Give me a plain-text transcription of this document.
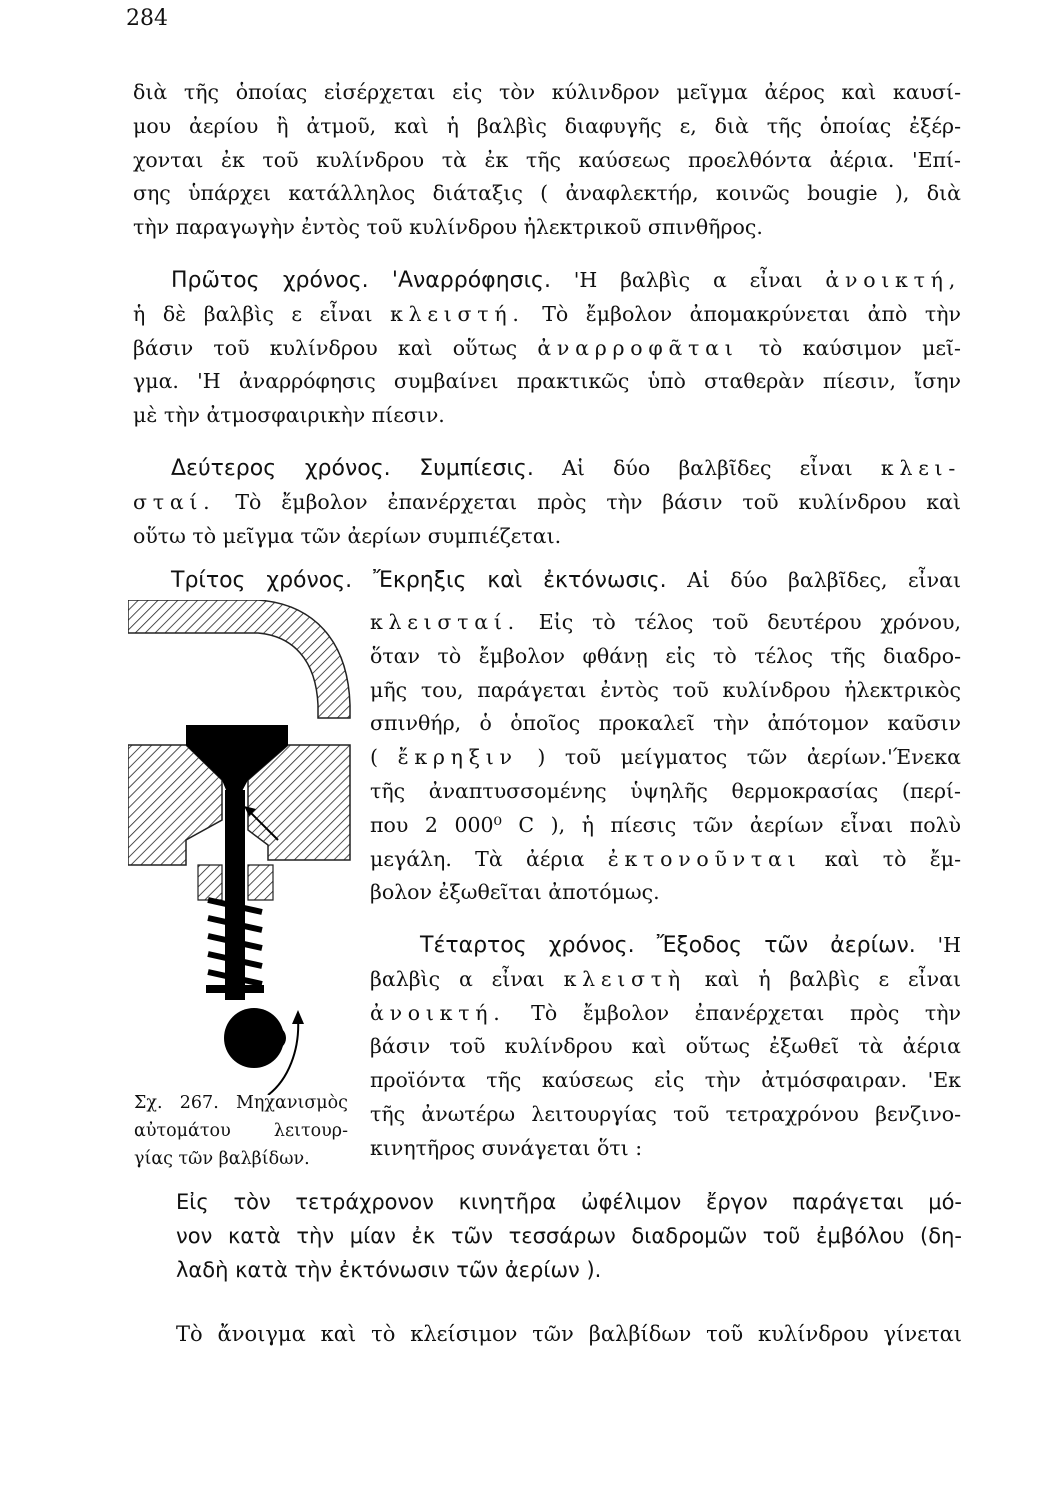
284
διὰ τῆς ὁποίας εἰσέρχεται εἰς τὸν κύλινδρον μεῖγμα ἀέρος καὶ καυσί-
μου ἀερίου ἢ ἀτμοῦ, καὶ ἡ βαλβὶς διαφυγῆς ε, διὰ τῆς ὁποίας ἐξέρ-
χονται ἐκ τοῦ κυλίνδρου τὰ ἐκ τῆς καύσεως προελθόντα ἀέρια. 'Επί-
σης ὑπάρχει κατάλληλος διάταξις ( ἀναφλεκτήρ, κοινῶς bougie ), διὰ
τὴν παραγωγὴν ἐντὸς τοῦ κυλίνδρου ἠλεκτρικοῦ σπινθῆρος.
Πρῶτος χρόνος. 'Αναρρόφησις. 'Η βαλβὶς α εἶναι ἀνοικτή,
ἡ δὲ βαλβὶς ε εἶναι κλειστή. Τὸ ἔμβολον ἀπομακρύνεται ἀπὸ τὴν
βάσιν τοῦ κυλίνδρου καὶ οὕτως ἀναρροφᾶται τὸ καύσιμον μεῖ-
γμα. 'Η ἀναρρόφησις συμβαίνει πρακτικῶς ὑπὸ σταθερὰν πίεσιν, ἴσην
μὲ τὴν ἀτμοσφαιρικὴν πίεσιν.
Δεύτερος χρόνος. Συμπίεσις. Αἱ δύο βαλβῖδες εἶναι κλει-
σταί. Τὸ ἔμβολον ἐπανέρχεται πρὸς τὴν βάσιν τοῦ κυλίνδρου καὶ
οὕτω τὸ μεῖγμα τῶν ἀερίων συμπιέζεται.
Τρίτος χρόνος. Ἔκρηξις καὶ ἐκτόνωσις. Αἱ δύο βαλβῖδες, εἶναι
κλεισταί. Εἰς τὸ τέλος τοῦ δευτέρου χρόνου,
ὅταν τὸ ἔμβολον φθάνῃ εἰς τὸ τέλος τῆς διαδρο-
μῆς του, παράγεται ἐντὸς τοῦ κυλίνδρου ἠλεκτρικὸς
σπινθήρ, ὁ ὁποῖος προκαλεῖ τὴν ἀπότομον καῦσιν
( ἔκρηξιν ) τοῦ μείγματος τῶν ἀερίων.'Ένεκα
τῆς ἀναπτυσσομένης ὑψηλῆς θερμοκρασίας (περί-
που 2 000⁰ C ), ἡ πίεσις τῶν ἀερίων εἶναι πολὺ
μεγάλη. Τὰ ἀέρια ἐκτονοῦνται καὶ τὸ ἔμ-
βολον ἐξωθεῖται ἀποτόμως.
Τέταρτος χρόνος. Ἔξοδος τῶν ἀερίων. 'Η
βαλβὶς α εἶναι κλειστὴ καὶ ἡ βαλβὶς ε εἶναι
ἀνοικτή. Τὸ ἔμβολον ἐπανέρχεται πρὸς τὴν
βάσιν τοῦ κυλίνδρου καὶ οὕτως ἐξωθεῖ τὰ ἀέρια
προϊόντα τῆς καύσεως εἰς τὴν ἀτμόσφαιραν. 'Εκ
τῆς ἀνωτέρω λειτουργίας τοῦ τετραχρόνου βενζινο-
κινητῆρος συνάγεται ὅτι :
Σχ. 267. Μηχανισμὸς
αὐτομάτου λειτουρ-
γίας τῶν βαλβίδων.
Εἰς τὸν τετράχρονον κινητῆρα ὠφέλιμον ἔργον παράγεται μό-
νον κατὰ τὴν μίαν ἐκ τῶν τεσσάρων διαδρομῶν τοῦ ἐμβόλου (δη-
λαδὴ κατὰ τὴν ἐκτόνωσιν τῶν ἀερίων ).
Τὸ ἄνοιγμα καὶ τὸ κλείσιμον τῶν βαλβίδων τοῦ κυλίνδρου γίνεται
